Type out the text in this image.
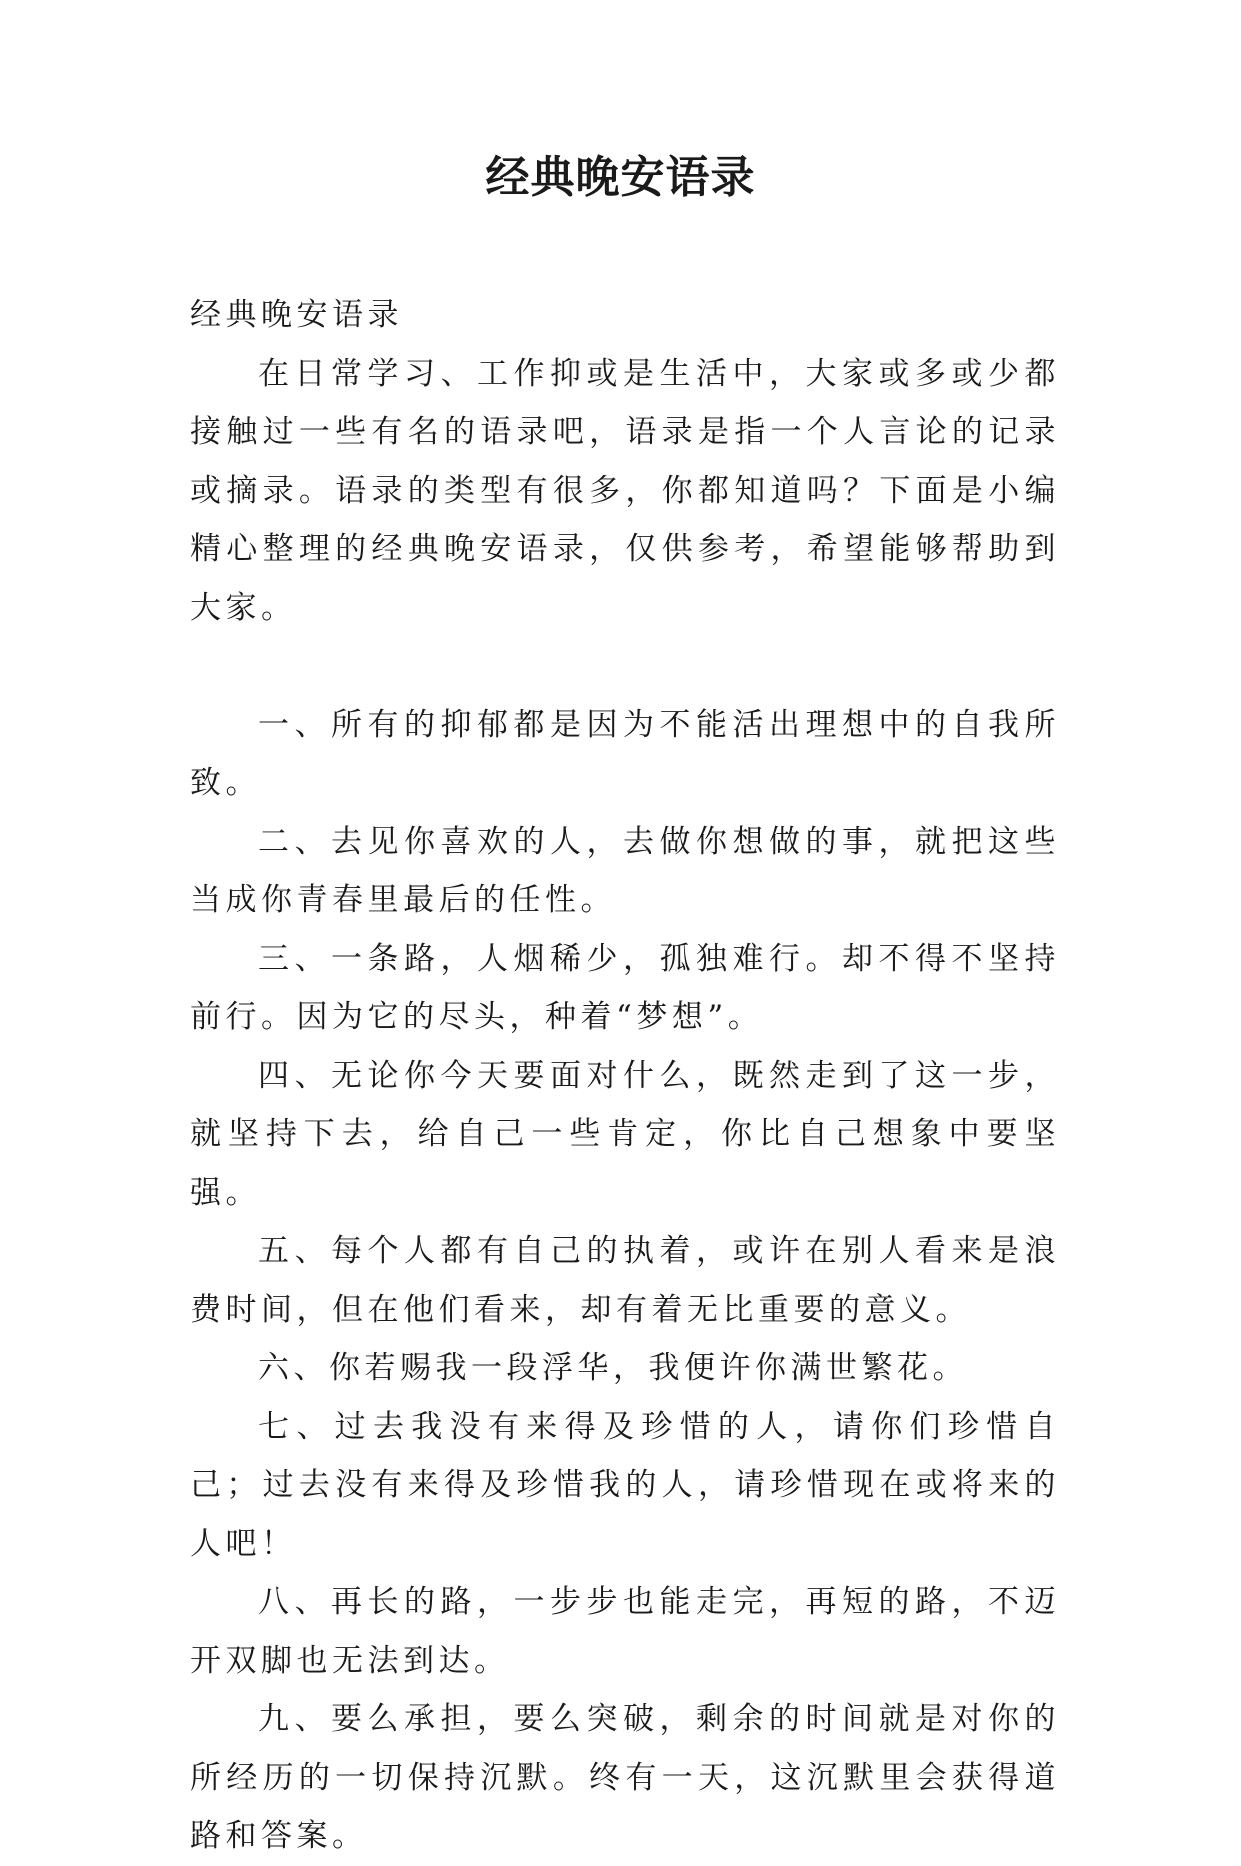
经典晚安语录

经典晚安语录

在日常学习、工作抑或是生活中，大家或多或少都接触过一些有名的语录吧，语录是指一个人言论的记录或摘录。语录的类型有很多，你都知道吗？下面是小编精心整理的经典晚安语录，仅供参考，希望能够帮助到大家。

一、所有的抑郁都是因为不能活出理想中的自我所致。

二、去见你喜欢的人，去做你想做的事，就把这些当成你青春里最后的任性。

三、一条路，人烟稀少，孤独难行。却不得不坚持前行。因为它的尽头，种着“梦想”。

四、无论你今天要面对什么，既然走到了这一步，就坚持下去，给自己一些肯定，你比自己想象中要坚强。

五、每个人都有自己的执着，或许在别人看来是浪费时间，但在他们看来，却有着无比重要的意义。

六、你若赐我一段浮华，我便许你满世繁花。

七、过去我没有来得及珍惜的人，请你们珍惜自己；过去没有来得及珍惜我的人，请珍惜现在或将来的人吧！

八、再长的路，一步步也能走完，再短的路，不迈开双脚也无法到达。

九、要么承担，要么突破，剩余的时间就是对你的所经历的一切保持沉默。终有一天，这沉默里会获得道路和答案。
